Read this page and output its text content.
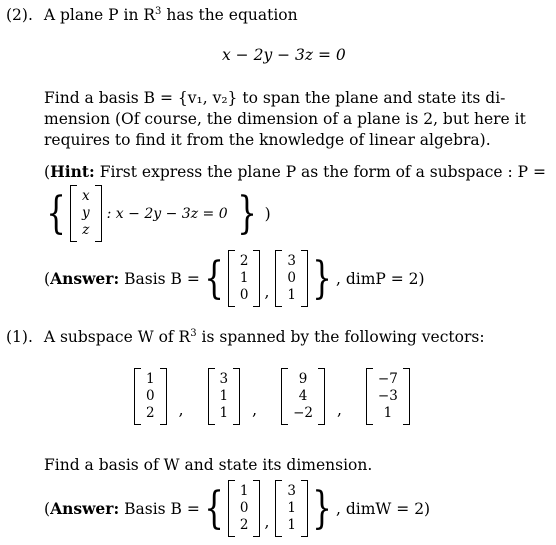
(2). A plane P in $R^3$ has the equation
x − 2y − 3z = 0
Find a basis B = {v₁, v₂} to span the plane and state its di-
mension (Of course, the dimension of a plane is 2, but here it
requires to find it from the knowledge of linear algebra).
(Hint: First express the plane P as the form of a subspace : P =
{ x
y
z
: x − 2y − 3z = 0 } )
(Answer: Basis B = { 2
1
0 ,
3
0
1 } , dimP = 2)
(1). A subspace W of $R^3$ is spanned by the following vectors:
1
0
2 ,
3
1
1 ,
9
4
−2 ,
−7
−3
1
Find a basis of W and state its dimension.
(Answer: Basis B = { 1
0
2 ,
3
1
1 } , dimW = 2)
